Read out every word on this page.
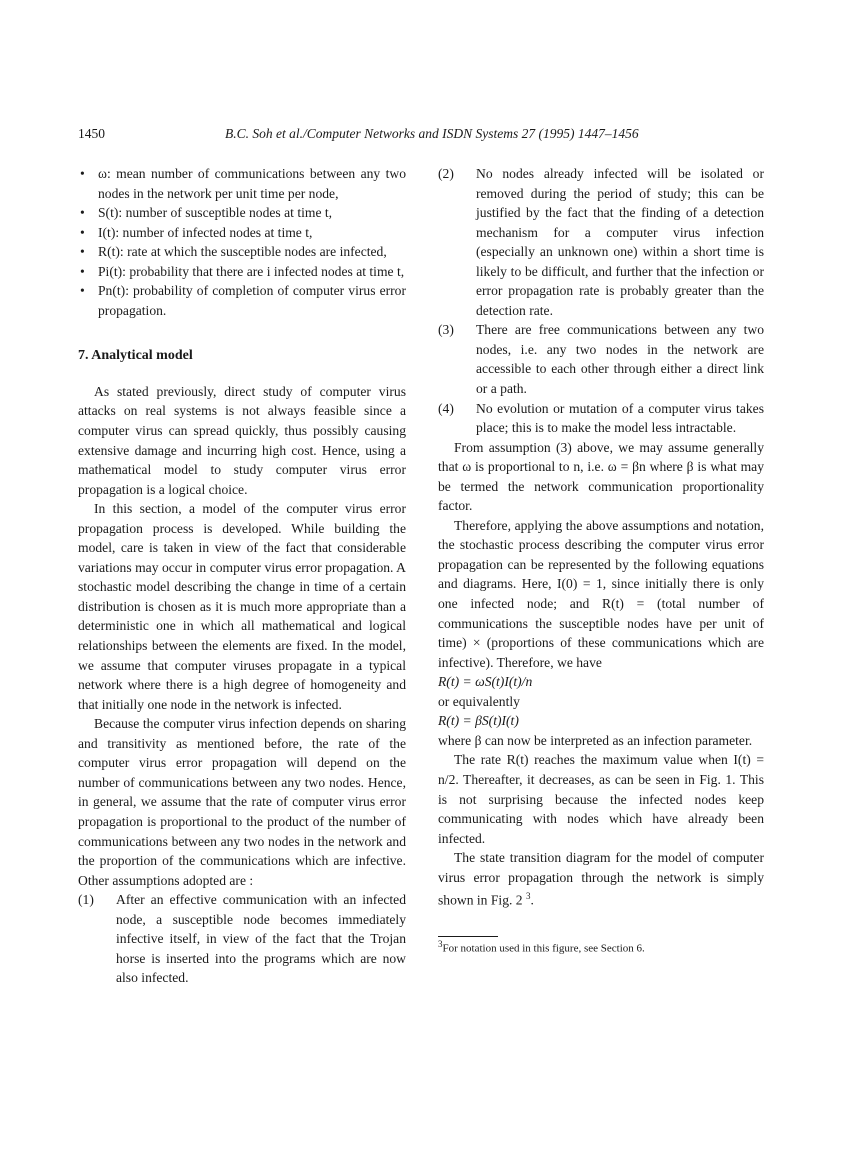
1450	B.C. Soh et al./Computer Networks and ISDN Systems 27 (1995) 1447–1456
• ω: mean number of communications between any two nodes in the network per unit time per node,
• S(t): number of susceptible nodes at time t,
• I(t): number of infected nodes at time t,
• R(t): rate at which the susceptible nodes are infected,
• Pi(t): probability that there are i infected nodes at time t,
• Pn(t): probability of completion of computer virus error propagation.
7. Analytical model

As stated previously, direct study of computer virus attacks on real systems is not always feasible since a computer virus can spread quickly, thus possibly causing extensive damage and incurring high cost. Hence, using a mathematical model to study computer virus error propagation is a logical choice.

In this section, a model of the computer virus error propagation process is developed. While building the model, care is taken in view of the fact that considerable variations may occur in computer virus error propagation. A stochastic model describing the change in time of a certain distribution is chosen as it is much more appropriate than a deterministic one in which all mathematical and logical relationships between the elements are fixed. In the model, we assume that computer viruses propagate in a typical network where there is a high degree of homogeneity and that initially one node in the network is infected.

Because the computer virus infection depends on sharing and transitivity as mentioned before, the rate of the computer virus error propagation will depend on the number of communications between any two nodes. Hence, in general, we assume that the rate of computer virus error propagation is proportional to the product of the number of communications between any two nodes in the network and the proportion of the communications which are infective. Other assumptions adopted are :

(1) After an effective communication with an infected node, a susceptible node becomes immediately infective itself, in view of the fact that the Trojan horse is inserted into the programs which are now also infected.
(2) No nodes already infected will be isolated or removed during the period of study; this can be justified by the fact that the finding of a detection mechanism for a computer virus infection (especially an unknown one) within a short time is likely to be difficult, and further that the infection or error propagation rate is probably greater than the detection rate.
(3) There are free communications between any two nodes, i.e. any two nodes in the network are accessible to each other through either a direct link or a path.
(4) No evolution or mutation of a computer virus takes place; this is to make the model less intractable.

From assumption (3) above, we may assume generally that ω is proportional to n, i.e. ω = βn where β is what may be termed the network communication proportionality factor.

Therefore, applying the above assumptions and notation, the stochastic process describing the computer virus error propagation can be represented by the following equations and diagrams. Here, I(0) = 1, since initially there is only one infected node; and R(t) = (total number of communications the susceptible nodes have per unit of time) × (proportions of these communications which are infective). Therefore, we have

R(t) = ωS(t)I(t)/n

or equivalently

R(t) = βS(t)I(t)

where β can now be interpreted as an infection parameter.

The rate R(t) reaches the maximum value when I(t) = n/2. Thereafter, it decreases, as can be seen in Fig. 1. This is not surprising because the infected nodes keep communicating with nodes which have already been infected.

The state transition diagram for the model of computer virus error propagation through the network is simply shown in Fig. 2 $^3$.

$^3$For notation used in this figure, see Section 6.
